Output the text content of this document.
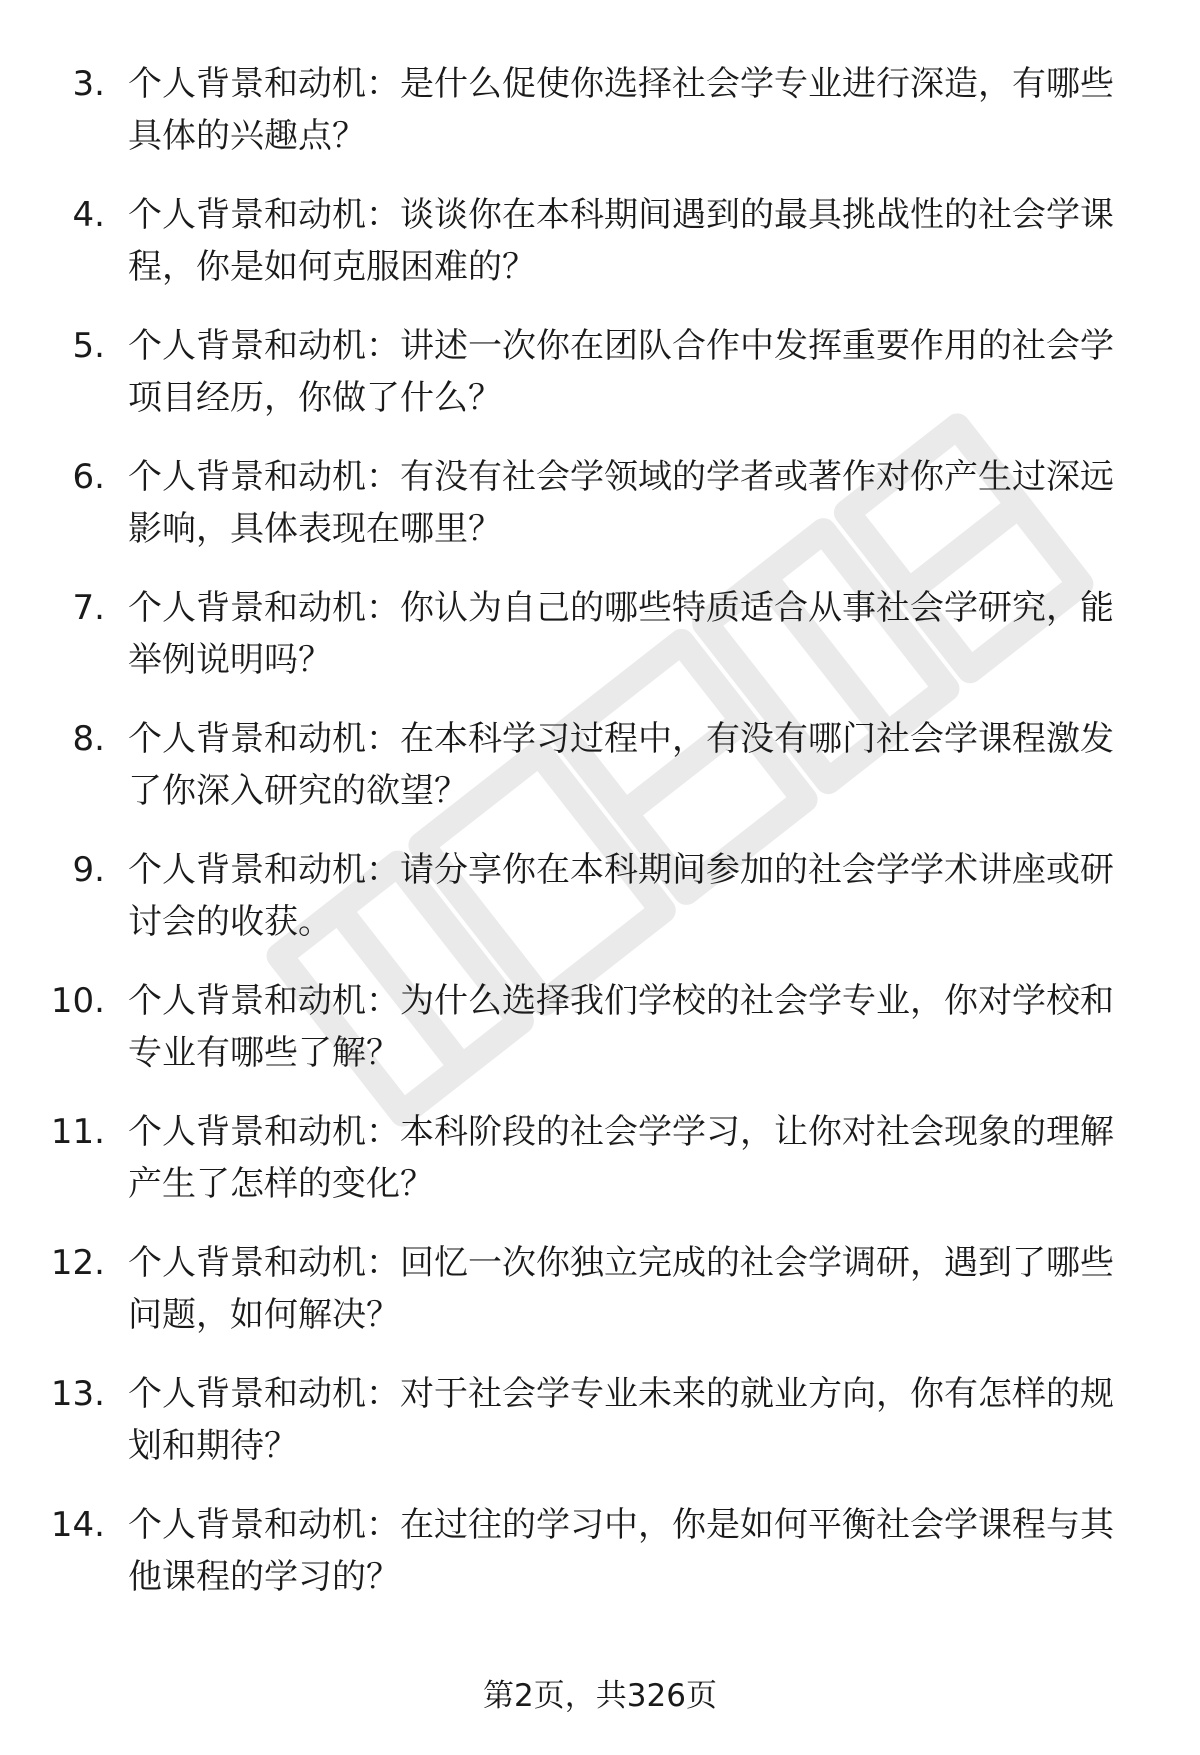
3. 个人背景和动机：是什么促使你选择社会学专业进行深造，有哪些具体的兴趣点？
4. 个人背景和动机：谈谈你在本科期间遇到的最具挑战性的社会学课程，你是如何克服困难的？
5. 个人背景和动机：讲述一次你在团队合作中发挥重要作用的社会学项目经历，你做了什么？
6. 个人背景和动机：有没有社会学领域的学者或著作对你产生过深远影响，具体表现在哪里？
7. 个人背景和动机：你认为自己的哪些特质适合从事社会学研究，能举例说明吗？
8. 个人背景和动机：在本科学习过程中，有没有哪门社会学课程激发了你深入研究的欲望？
9. 个人背景和动机：请分享你在本科期间参加的社会学学术讲座或研讨会的收获。
10. 个人背景和动机：为什么选择我们学校的社会学专业，你对学校和专业有哪些了解？
11. 个人背景和动机：本科阶段的社会学学习，让你对社会现象的理解产生了怎样的变化？
12. 个人背景和动机：回忆一次你独立完成的社会学调研，遇到了哪些问题，如何解决？
13. 个人背景和动机：对于社会学专业未来的就业方向，你有怎样的规划和期待？
14. 个人背景和动机：在过往的学习中，你是如何平衡社会学课程与其他课程的学习的？
第2页，共326页
